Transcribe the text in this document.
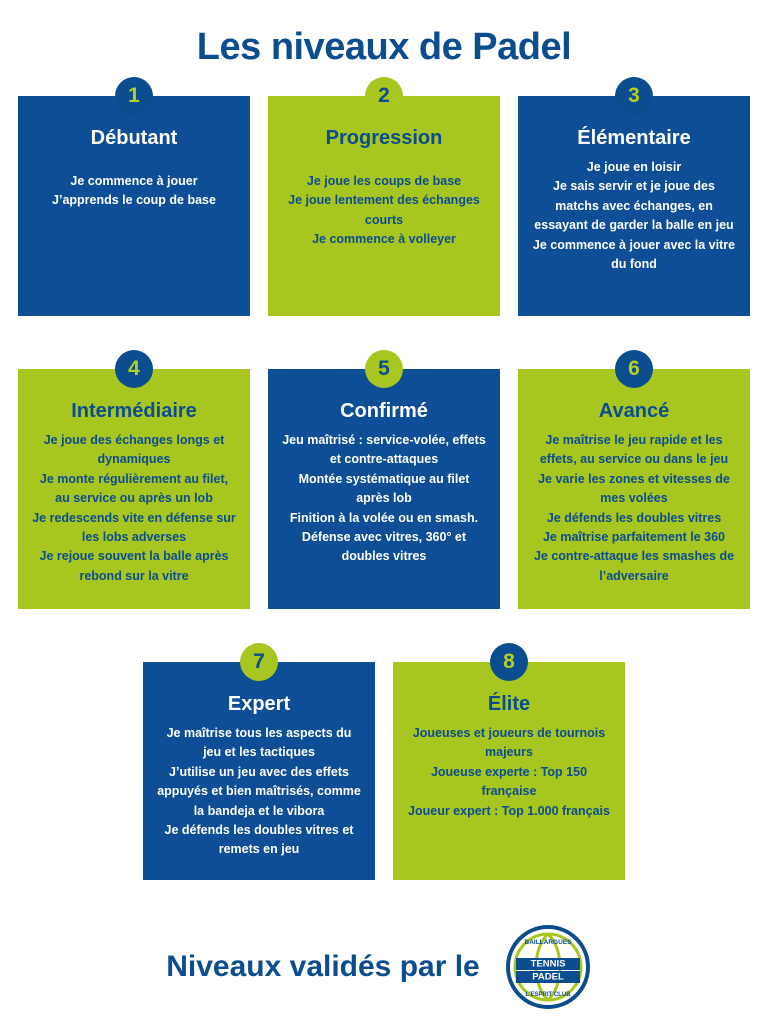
Les niveaux de Padel
1
Débutant
Je commence à jouer
J’apprends le coup de base
2
Progression
Je joue les coups de base
Je joue lentement des échanges courts
Je commence à volleyer
3
Élémentaire
Je joue en loisir
Je sais servir et je joue des matchs avec échanges, en essayant de garder la balle en jeu
Je commence à jouer avec la vitre du fond
4
Intermédiaire
Je joue des échanges longs et dynamiques
Je monte régulièrement au filet, au service ou après un lob
Je redescends vite en défense sur les lobs adverses
Je rejoue souvent la balle après rebond sur la vitre
5
Confirmé
Jeu maîtrisé : service-volée, effets et contre-attaques
Montée systématique au filet après lob
Finition à la volée ou en smash.
Défense avec vitres, 360° et doubles vitres
6
Avancé
Je maîtrise le jeu rapide et les effets, au service ou dans le jeu
Je varie les zones et vitesses de mes volées
Je défends les doubles vitres
Je maîtrise parfaitement le 360
Je contre-attaque les smashes de l’adversaire
7
Expert
Je maîtrise tous les aspects du jeu et les tactiques
J’utilise un jeu avec des effets appuyés et bien maîtrisés, comme la bandeja et le vibora
Je défends les doubles vitres et remets en jeu
8
Élite
Joueuses et joueurs de tournois majeurs
Joueuse experte : Top 150 française
Joueur expert : Top 1.000 français
Niveaux validés par le	TENNIS
PADEL
BAILLARGUES
L’ESPRIT CLUB
